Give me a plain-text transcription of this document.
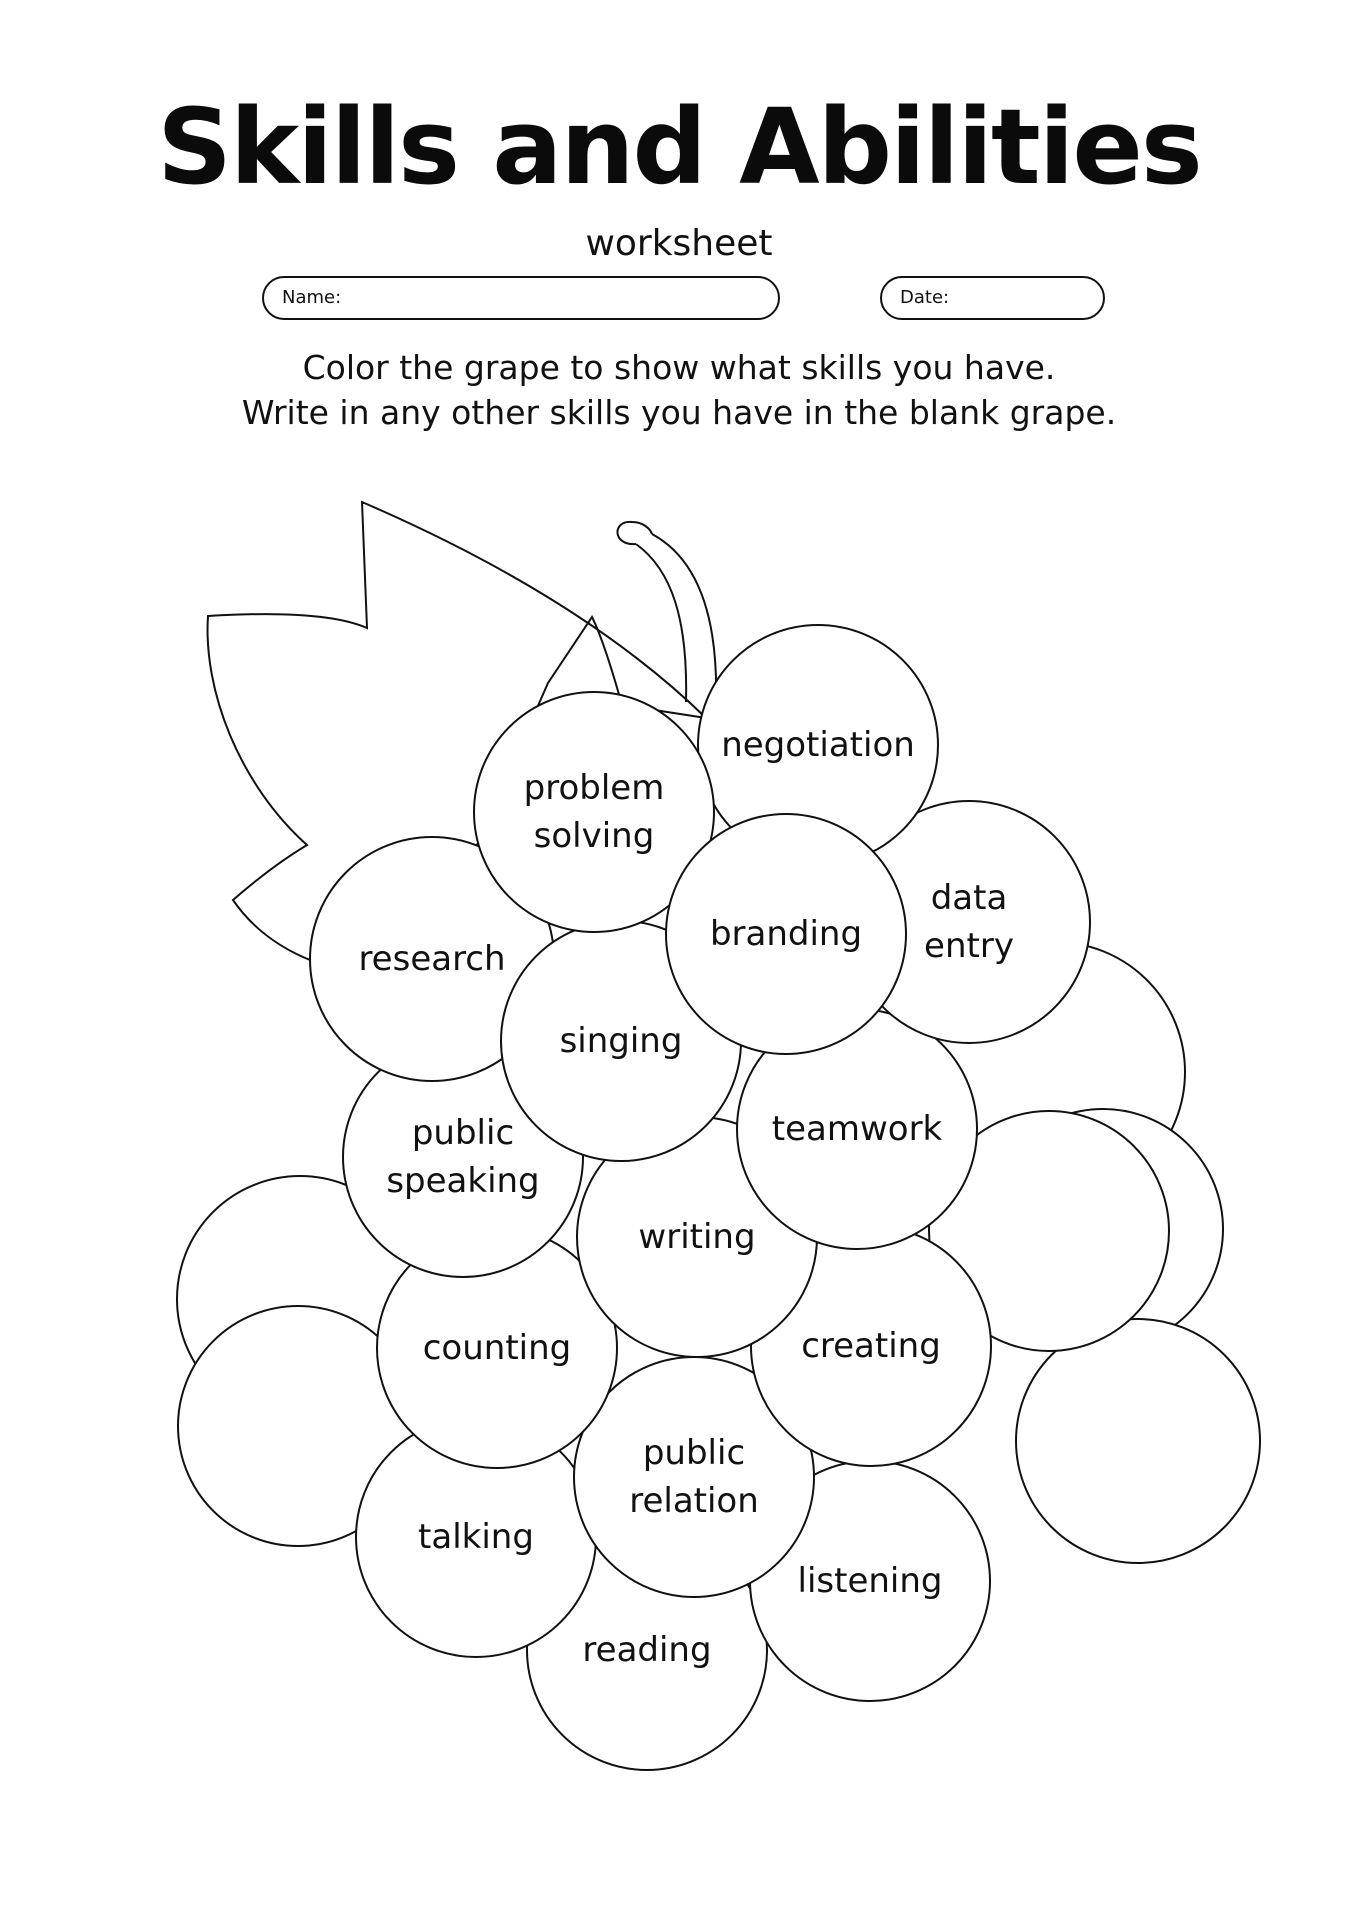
Skills and Abilities
worksheet
Name:	Date:
Color the grape to show what skills you have.
Write in any other skills you have in the blank grape.
reading
listening
talking
public
relation
counting	creating
writing
public
speaking
teamwork
research
data
entry
negotiation
singing
problem
solving
branding
